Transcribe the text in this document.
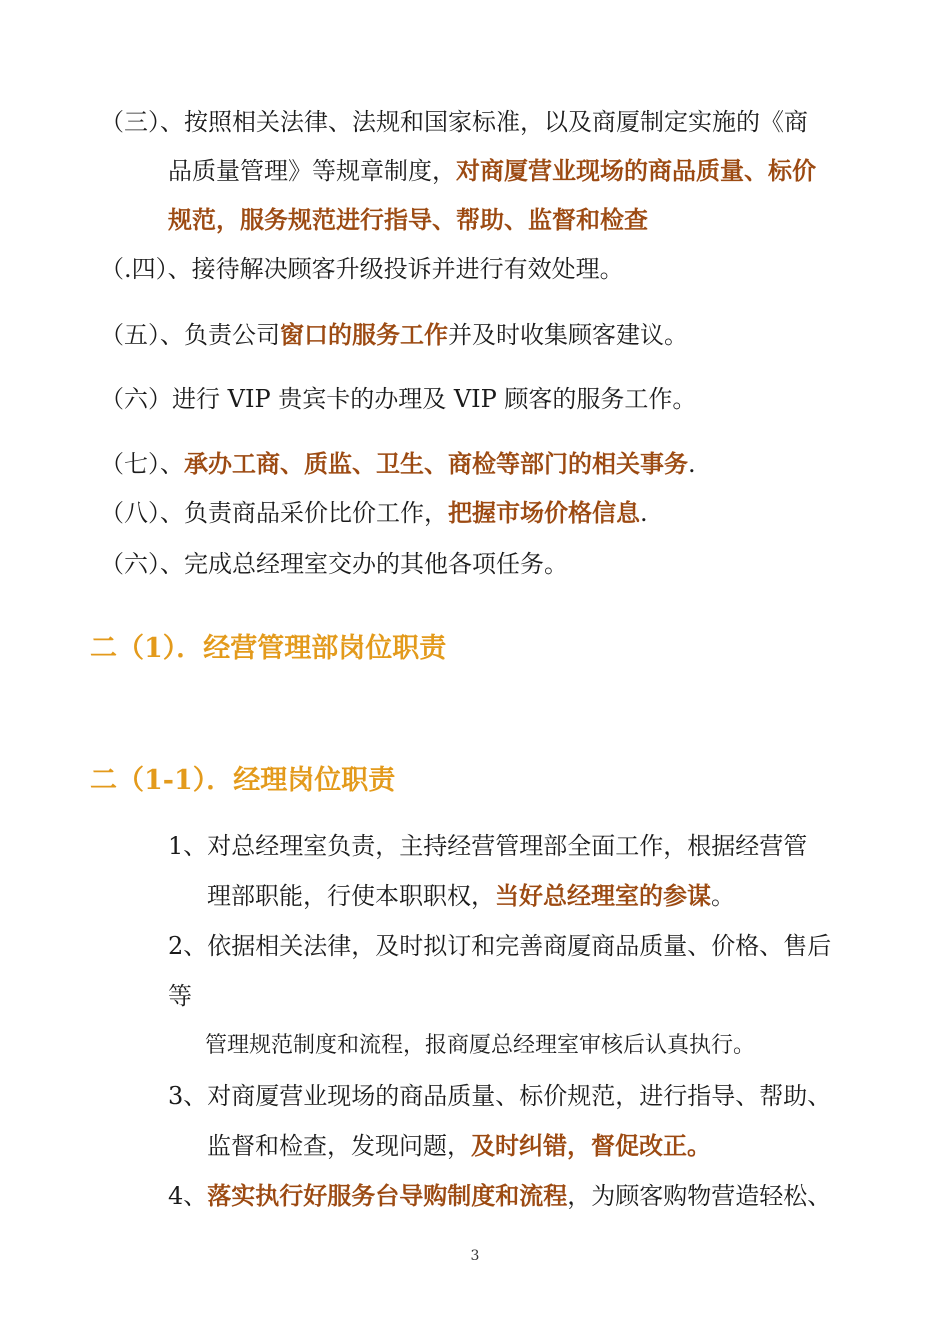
（三）、按照相关法律、法规和国家标准，以及商厦制定实施的《商
品质量管理》等规章制度，对商厦营业现场的商品质量、标价
规范，服务规范进行指导、帮助、监督和检查
（.四）、接待解决顾客升级投诉并进行有效处理。
（五）、负责公司窗口的服务工作并及时收集顾客建议。
（六）进行 VIP 贵宾卡的办理及 VIP 顾客的服务工作。
（七）、承办工商、质监、卫生、商检等部门的相关事务.
（八）、负责商品采价比价工作，把握市场价格信息.
（六）、完成总经理室交办的其他各项任务。
二（1）．经营管理部岗位职责
二（1-1）．经理岗位职责
1、对总经理室负责，主持经营管理部全面工作，根据经营管
理部职能，行使本职职权，当好总经理室的参谋。
2、依据相关法律，及时拟订和完善商厦商品质量、价格、售后
等
管理规范制度和流程，报商厦总经理室审核后认真执行。
3、对商厦营业现场的商品质量、标价规范，进行指导、帮助、
监督和检查，发现问题，及时纠错，督促改正。
4、落实执行好服务台导购制度和流程，为顾客购物营造轻松、
3
